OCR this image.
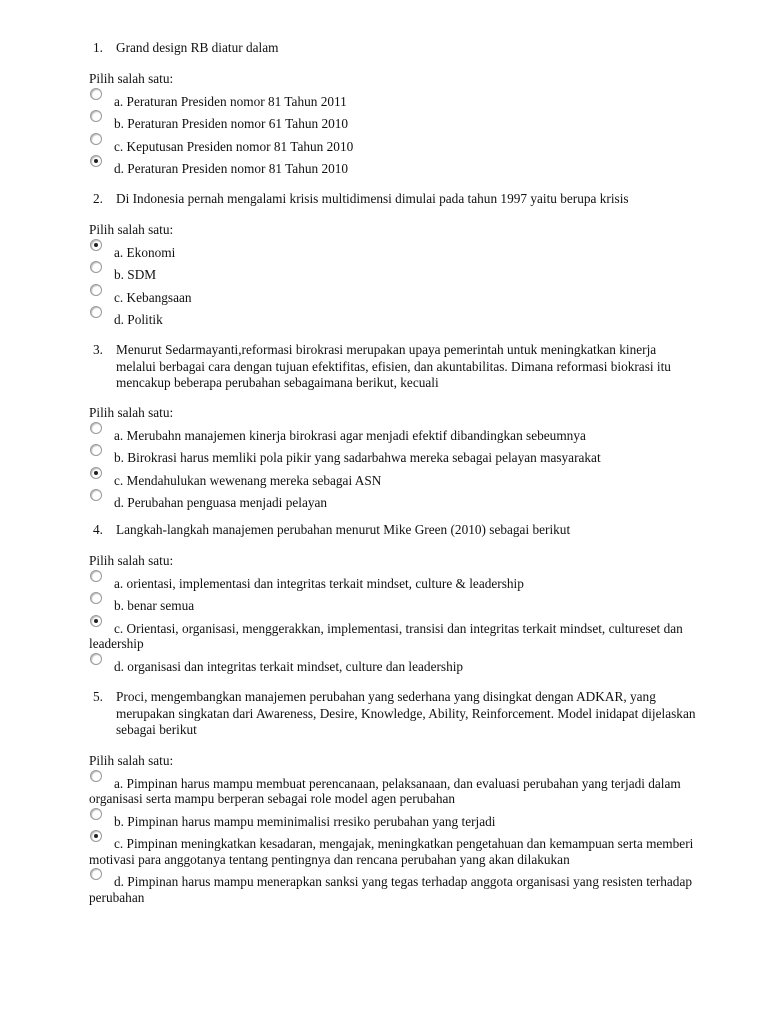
1. Grand design RB diatur dalam
Pilih salah satu:
a. Peraturan Presiden nomor 81 Tahun 2011
b. Peraturan Presiden nomor 61 Tahun 2010
c. Keputusan Presiden nomor 81 Tahun 2010
d. Peraturan Presiden nomor 81 Tahun 2010
2. Di Indonesia pernah mengalami krisis multidimensi dimulai pada tahun 1997 yaitu berupa krisis
Pilih salah satu:
a. Ekonomi
b. SDM
c. Kebangsaan
d. Politik
3. Menurut Sedarmayanti,reformasi birokrasi merupakan upaya pemerintah untuk meningkatkan kinerja melalui berbagai cara dengan tujuan efektifitas, efisien, dan akuntabilitas. Dimana reformasi biokrasi itu mencakup beberapa perubahan sebagaimana berikut, kecuali
Pilih salah satu:
a. Merubahn manajemen kinerja birokrasi agar menjadi efektif dibandingkan sebeumnya
b. Birokrasi harus memliki pola pikir yang sadarbahwa mereka sebagai pelayan masyarakat
c. Mendahulukan wewenang mereka sebagai ASN
d. Perubahan penguasa menjadi pelayan
4. Langkah-langkah manajemen perubahan menurut Mike Green (2010) sebagai berikut
Pilih salah satu:
a. orientasi, implementasi dan integritas terkait mindset, culture & leadership
b. benar semua
c. Orientasi, organisasi, menggerakkan, implementasi, transisi dan integritas terkait mindset, cultureset dan leadership
d. organisasi dan integritas terkait mindset, culture dan leadership
5. Proci, mengembangkan manajemen perubahan yang sederhana yang disingkat dengan ADKAR, yang merupakan singkatan dari Awareness, Desire, Knowledge, Ability, Reinforcement. Model inidapat dijelaskan sebagai berikut
Pilih salah satu:
a. Pimpinan harus mampu membuat perencanaan, pelaksanaan, dan evaluasi perubahan yang terjadi dalam organisasi serta mampu berperan sebagai role model agen perubahan
b. Pimpinan harus mampu meminimalisi rresiko perubahan yang terjadi
c. Pimpinan meningkatkan kesadaran, mengajak, meningkatkan pengetahuan dan kemampuan serta memberi motivasi para anggotanya tentang pentingnya dan rencana perubahan yang akan dilakukan
d. Pimpinan harus mampu menerapkan sanksi yang tegas terhadap anggota organisasi yang resisten terhadap perubahan
